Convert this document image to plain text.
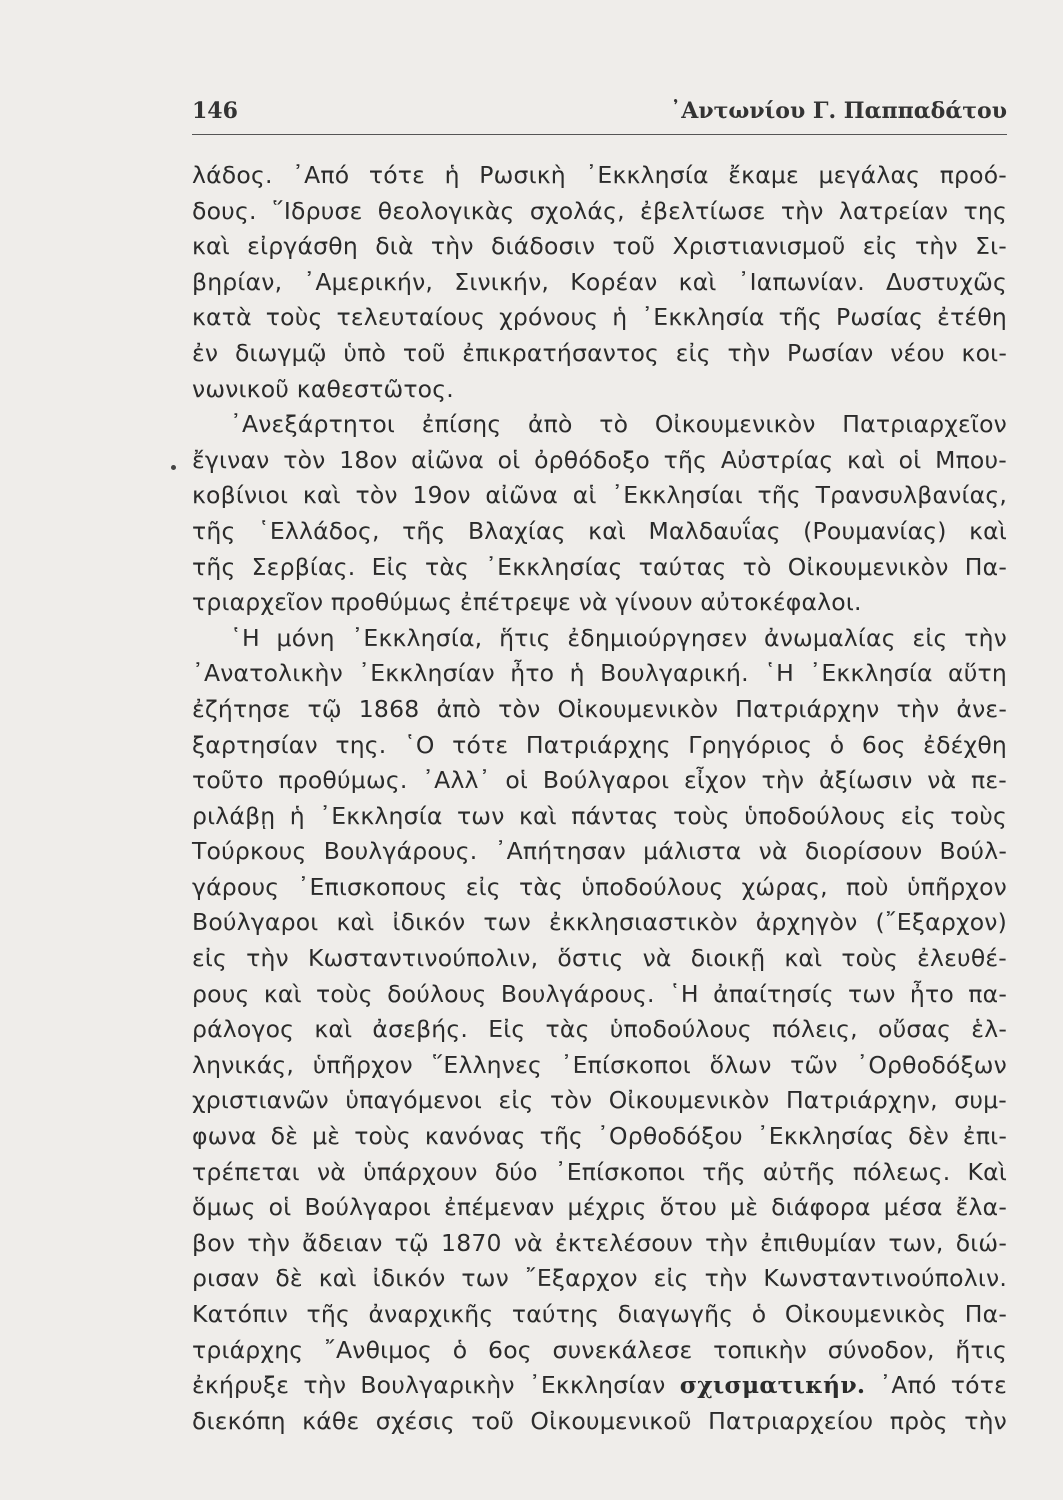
146	᾿Αντωνίου Γ. Παππαδάτου
λάδος. ᾿Από τότε ἡ Ρωσικὴ ᾿Εκκλησία ἔκαμε μεγάλας προό-
δους. ῞Ιδρυσε θεολογικὰς σχολάς, ἐβελτίωσε τὴν λατρείαν της
καὶ εἰργάσθη διὰ τὴν διάδοσιν τοῦ Χριστιανισμοῦ εἰς τὴν Σι-
βηρίαν, ᾿Αμερικήν, Σινικήν, Κορέαν καὶ ᾿Ιαπωνίαν. Δυστυχῶς
κατὰ τοὺς τελευταίους χρόνους ἡ ᾿Εκκλησία τῆς Ρωσίας ἐτέθη
ἐν διωγμῷ ὑπὸ τοῦ ἐπικρατήσαντος εἰς τὴν Ρωσίαν νέου κοι-
νωνικοῦ καθεστῶτος.
᾿Ανεξάρτητοι ἐπίσης ἀπὸ τὸ Οἰκουμενικὸν Πατριαρχεῖον
ἔγιναν τὸν 18ον αἰῶνα οἱ ὀρθόδοξο τῆς Αὐστρίας καὶ οἱ Μπου-
κοβίνιοι καὶ τὸν 19ον αἰῶνα αἱ ᾿Εκκλησίαι τῆς Τρανσυλβανίας,
τῆς ῾Ελλάδος, τῆς Βλαχίας καὶ Μαλδαυΐας (Ρουμανίας) καὶ
τῆς Σερβίας. Εἰς τὰς ᾿Εκκλησίας ταύτας τὸ Οἰκουμενικὸν Πα-
τριαρχεῖον προθύμως ἐπέτρεψε νὰ γίνουν αὐτοκέφαλοι.
῾Η μόνη ᾿Εκκλησία, ἥτις ἐδημιούργησεν ἀνωμαλίας εἰς τὴν
᾿Ανατολικὴν ᾿Εκκλησίαν ἦτο ἡ Βουλγαρική. ῾Η ᾿Εκκλησία αὕτη
ἐζήτησε τῷ 1868 ἀπὸ τὸν Οἰκουμενικὸν Πατριάρχην τὴν ἀνε-
ξαρτησίαν της. ῾Ο τότε Πατριάρχης Γρηγόριος ὁ 6ος ἐδέχθη
τοῦτο προθύμως. ᾿Αλλ᾿ οἱ Βούλγαροι εἶχον τὴν ἀξίωσιν νὰ πε-
ριλάβῃ ἡ ᾿Εκκλησία των καὶ πάντας τοὺς ὑποδούλους εἰς τοὺς
Τούρκους Βουλγάρους. ᾿Απήτησαν μάλιστα νὰ διορίσουν Βούλ-
γάρους ᾿Επισκοπους εἰς τὰς ὑποδούλους χώρας, ποὺ ὑπῆρχον
Βούλγαροι καὶ ἰδικόν των ἐκκλησιαστικὸν ἀρχηγὸν (῎Εξαρχον)
εἰς τὴν Κωσταντινούπολιν, ὅστις νὰ διοικῇ καὶ τοὺς ἐλευθέ-
ρους καὶ τοὺς δούλους Βουλγάρους. ῾Η ἀπαίτησίς των ἦτο πα-
ράλογος καὶ ἀσεβής. Εἰς τὰς ὑποδούλους πόλεις, οὔσας ἑλ-
ληνικάς, ὑπῆρχον ῞Ελληνες ᾿Επίσκοποι ὅλων τῶν ᾿Ορθοδόξων
χριστιανῶν ὑπαγόμενοι εἰς τὸν Οἰκουμενικὸν Πατριάρχην, συμ-
φωνα δὲ μὲ τοὺς κανόνας τῆς ᾿Ορθοδόξου ᾿Εκκλησίας δὲν ἐπι-
τρέπεται νὰ ὑπάρχουν δύο ᾿Επίσκοποι τῆς αὐτῆς πόλεως. Καὶ
ὅμως οἱ Βούλγαροι ἐπέμεναν μέχρις ὅτου μὲ διάφορα μέσα ἔλα-
βον τὴν ἄδειαν τῷ 1870 νὰ ἐκτελέσουν τὴν ἐπιθυμίαν των, διώ-
ρισαν δὲ καὶ ἰδικόν των ῎Εξαρχον εἰς τὴν Κωνσταντινούπολιν.
Κατόπιν τῆς ἀναρχικῆς ταύτης διαγωγῆς ὁ Οἰκουμενικὸς Πα-
τριάρχης ῎Ανθιμος ὁ 6ος συνεκάλεσε τοπικὴν σύνοδον, ἥτις
ἐκήρυξε τὴν Βουλγαρικὴν ᾿Εκκλησίαν σχισματικήν. ᾿Από τότε
διεκόπη κάθε σχέσις τοῦ Οἰκουμενικοῦ Πατριαρχείου πρὸς τὴν
